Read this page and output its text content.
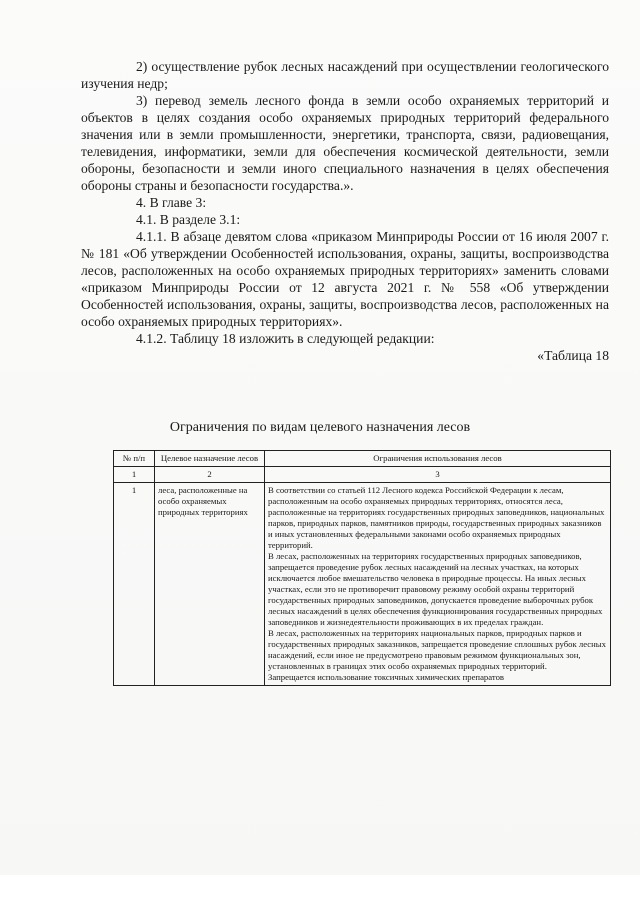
2) осуществление рубок лесных насаждений при осуществлении геологического изучения недр;

3) перевод земель лесного фонда в земли особо охраняемых территорий и объектов в целях создания особо охраняемых природных территорий федерального значения или в земли промышленности, энергетики, транспорта, связи, радиовещания, телевидения, информатики, земли для обеспечения космической деятельности, земли обороны, безопасности и земли иного специального назначения в целях обеспечения обороны страны и безопасности государства.».

4. В главе 3:

4.1. В разделе 3.1:

4.1.1. В абзаце девятом слова «приказом Минприроды России от 16 июля 2007 г. № 181 «Об утверждении Особенностей использования, охраны, защиты, воспроизводства лесов, расположенных на особо охраняемых природных территориях» заменить словами «приказом Минприроды России от 12 августа 2021 г. № 558 «Об утверждении Особенностей использования, охраны, защиты, воспроизводства лесов, расположенных на особо охраняемых природных территориях».

4.1.2. Таблицу 18 изложить в следующей редакции:

«Таблица 18

Ограничения по видам целевого назначения лесов
№ п/п	Целевое назначение лесов	Ограничения использования лесов
1	2	3
1	леса, расположенные на особо охраняемых природных территориях	В соответствии со статьей 112 Лесного кодекса Российской Федерации к лесам, расположенным на особо охраняемых природных территориях, относятся леса, расположенные на территориях государственных природных заповедников, национальных парков, природных парков, памятников природы, государственных природных заказников и иных установленных федеральными законами особо охраняемых природных территорий.

В лесах, расположенных на территориях государственных природных заповедников, запрещается проведение рубок лесных насаждений на лесных участках, на которых исключается любое вмешательство человека в природные процессы. На иных лесных участках, если это не противоречит правовому режиму особой охраны территорий государственных природных заповедников, допускается проведение выборочных рубок лесных насаждений в целях обеспечения функционирования государственных природных заповедников и жизнедеятельности проживающих в их пределах граждан.

В лесах, расположенных на территориях национальных парков, природных парков и государственных природных заказников, запрещается проведение сплошных рубок лесных насаждений, если иное не предусмотрено правовым режимом функциональных зон, установленных в границах этих особо охраняемых природных территорий.

Запрещается использование токсичных химических препаратов
